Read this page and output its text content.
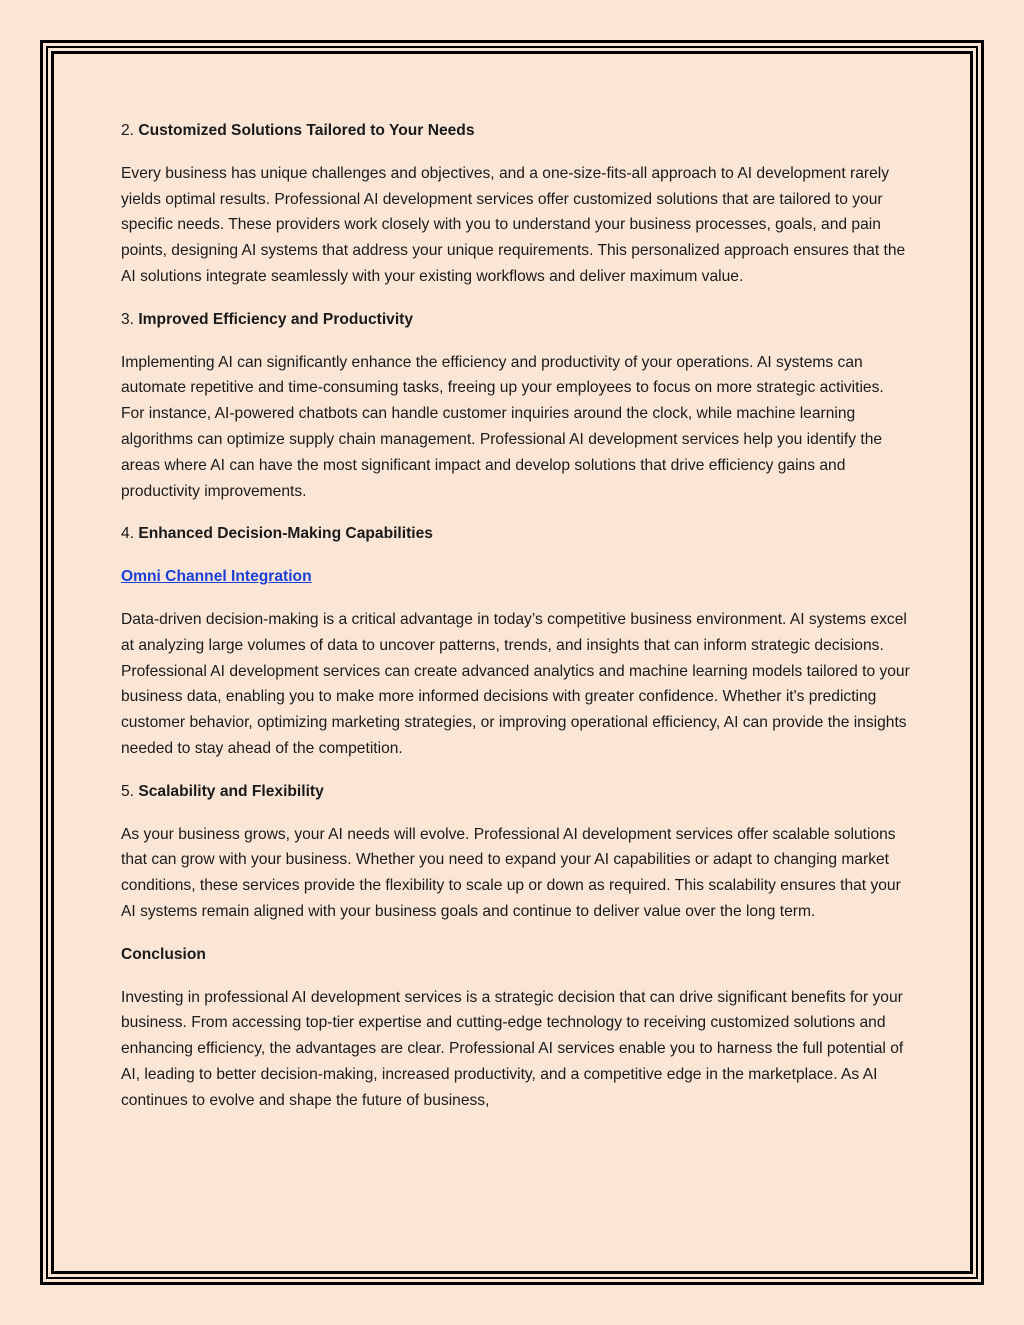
2. Customized Solutions Tailored to Your Needs

Every business has unique challenges and objectives, and a one-size-fits-all approach to AI development rarely yields optimal results. Professional AI development services offer customized solutions that are tailored to your specific needs. These providers work closely with you to understand your business processes, goals, and pain points, designing AI systems that address your unique requirements. This personalized approach ensures that the AI solutions integrate seamlessly with your existing workflows and deliver maximum value.

3. Improved Efficiency and Productivity

Implementing AI can significantly enhance the efficiency and productivity of your operations. AI systems can automate repetitive and time-consuming tasks, freeing up your employees to focus on more strategic activities. For instance, AI-powered chatbots can handle customer inquiries around the clock, while machine learning algorithms can optimize supply chain management. Professional AI development services help you identify the areas where AI can have the most significant impact and develop solutions that drive efficiency gains and productivity improvements.

4. Enhanced Decision-Making Capabilities

Omni Channel Integration

Data-driven decision-making is a critical advantage in today’s competitive business environment. AI systems excel at analyzing large volumes of data to uncover patterns, trends, and insights that can inform strategic decisions. Professional AI development services can create advanced analytics and machine learning models tailored to your business data, enabling you to make more informed decisions with greater confidence. Whether it's predicting customer behavior, optimizing marketing strategies, or improving operational efficiency, AI can provide the insights needed to stay ahead of the competition.

5. Scalability and Flexibility

As your business grows, your AI needs will evolve. Professional AI development services offer scalable solutions that can grow with your business. Whether you need to expand your AI capabilities or adapt to changing market conditions, these services provide the flexibility to scale up or down as required. This scalability ensures that your AI systems remain aligned with your business goals and continue to deliver value over the long term.

Conclusion

Investing in professional AI development services is a strategic decision that can drive significant benefits for your business. From accessing top-tier expertise and cutting-edge technology to receiving customized solutions and enhancing efficiency, the advantages are clear. Professional AI services enable you to harness the full potential of AI, leading to better decision-making, increased productivity, and a competitive edge in the marketplace. As AI continues to evolve and shape the future of business,
